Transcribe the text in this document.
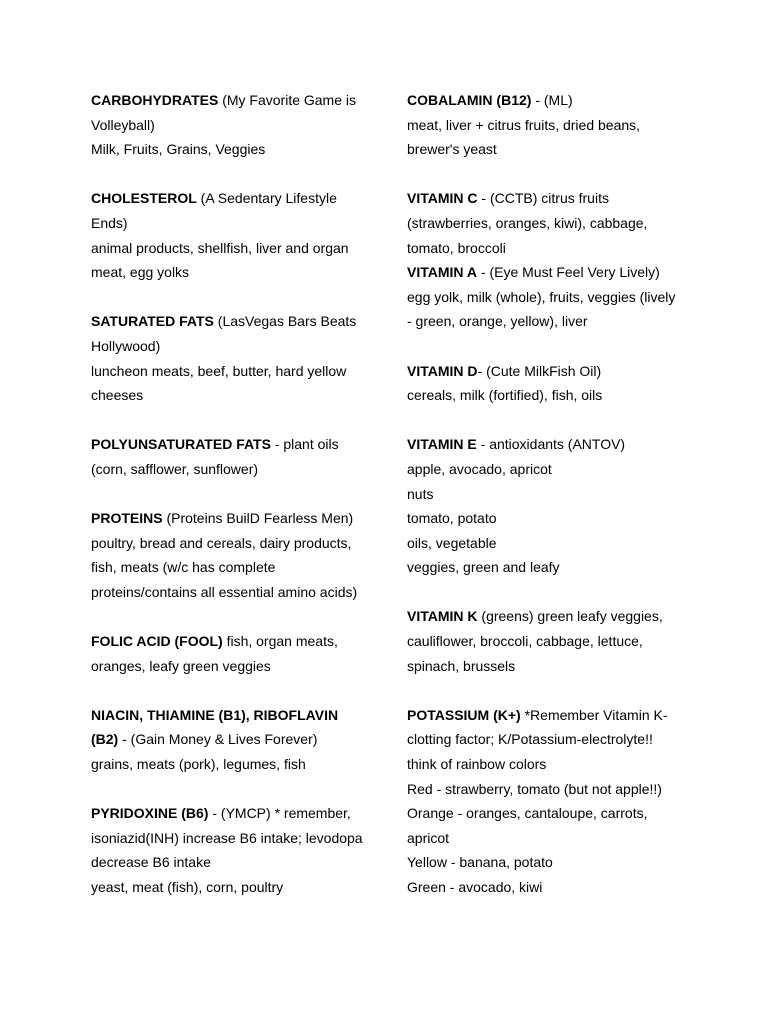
CARBOHYDRATES (My Favorite Game is

Volleyball)

Milk, Fruits, Grains, Veggies

CHOLESTEROL (A Sedentary Lifestyle

Ends)

animal products, shellfish, liver and organ

meat, egg yolks

SATURATED FATS (LasVegas Bars Beats

Hollywood)

luncheon meats, beef, butter, hard yellow

cheeses

POLYUNSATURATED FATS - plant oils

(corn, safflower, sunflower)

PROTEINS (Proteins BuilD Fearless Men)

poultry, bread and cereals, dairy products,

fish, meats (w/c has complete

proteins/contains all essential amino acids)

FOLIC ACID (FOOL) fish, organ meats,

oranges, leafy green veggies

NIACIN, THIAMINE (B1), RIBOFLAVIN

(B2) - (Gain Money & Lives Forever)

grains, meats (pork), legumes, fish

PYRIDOXINE (B6) - (YMCP) * remember,

isoniazid(INH) increase B6 intake; levodopa

decrease B6 intake

yeast, meat (fish), corn, poultry

COBALAMIN (B12) - (ML)

meat, liver + citrus fruits, dried beans,

brewer's yeast

VITAMIN C - (CCTB) citrus fruits

(strawberries, oranges, kiwi), cabbage,

tomato, broccoli

VITAMIN A - (Eye Must Feel Very Lively)

egg yolk, milk (whole), fruits, veggies (lively

- green, orange, yellow), liver

VITAMIN D- (Cute MilkFish Oil)

cereals, milk (fortified), fish, oils

VITAMIN E - antioxidants (ANTOV)

apple, avocado, apricot

nuts

tomato, potato

oils, vegetable

veggies, green and leafy

VITAMIN K (greens) green leafy veggies,

cauliflower, broccoli, cabbage, lettuce,

spinach, brussels

POTASSIUM (K+) *Remember Vitamin K-

clotting factor; K/Potassium-electrolyte!!

think of rainbow colors

Red - strawberry, tomato (but not apple!!)

Orange - oranges, cantaloupe, carrots,

apricot

Yellow - banana, potato

Green - avocado, kiwi
